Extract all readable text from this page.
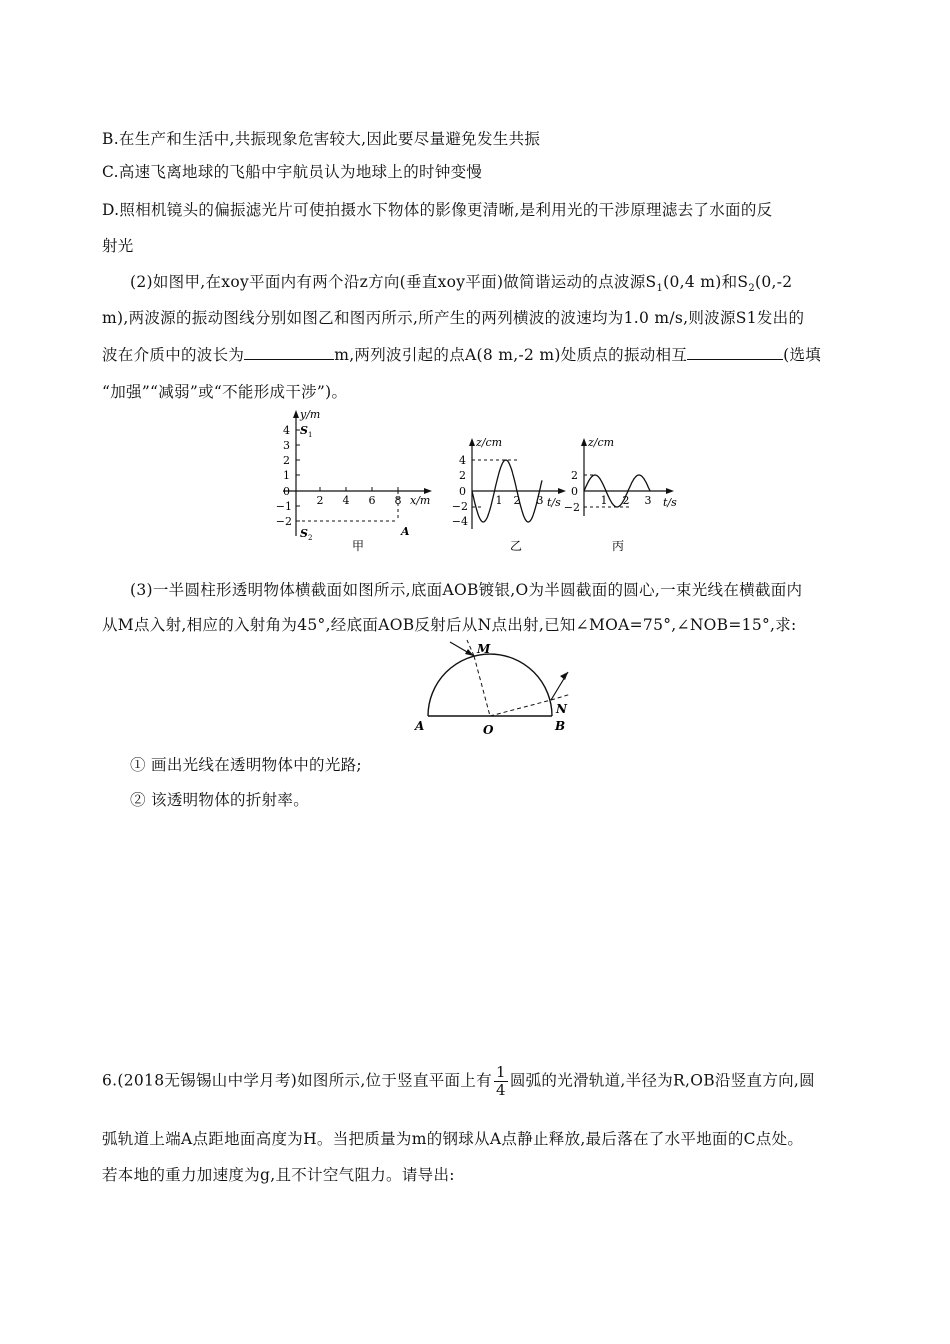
B.在生产和生活中,共振现象危害较大,因此要尽量避免发生共振
C.高速飞离地球的飞船中宇航员认为地球上的时钟变慢
D.照相机镜头的偏振滤光片可使拍摄水下物体的影像更清晰,是利用光的干涉原理滤去了水面的反
射光
(2)如图甲,在xoy平面内有两个沿z方向(垂直xoy平面)做简谐运动的点波源$S_1(0,4$ m)和$S_2(0,-2$
m),两波源的振动图线分别如图乙和图丙所示,所产生的两列横波的波速均为1.0 m/s,则波源S1发出的
波在介质中的波长为	m,两列波引起的点A(8 m,-2 m)处质点的振动相互	(选填
“加强”“减弱”或“不能形成干涉”)。
y/m
x/m
S 1
S 2	A
4
3
2
1
0
−1
−2
2 4 6 8
甲
z/cm
t/s
4
2
0
−2
−4
1 2 3
乙
z/cm
t/s
2
0
−2
1 2 3
丙
(3)一半圆柱形透明物体横截面如图所示,底面AOB镀银,O为半圆截面的圆心,一束光线在横截面内
从M点入射,相应的入射角为45°,经底面AOB反射后从N点出射,已知∠MOA=75°,∠NOB=15°,求:
M
N
A	O	B
① 画出光线在透明物体中的光路;
② 该透明物体的折射率。
6.(2018无锡锡山中学月考)如图所示,位于竖直平面上有 $\frac{1}{4}$ 圆弧的光滑轨道,半径为R,OB沿竖直方向,圆
弧轨道上端A点距地面高度为H。当把质量为m的钢球从A点静止释放,最后落在了水平地面的C点处。
若本地的重力加速度为g,且不计空气阻力。请导出:
